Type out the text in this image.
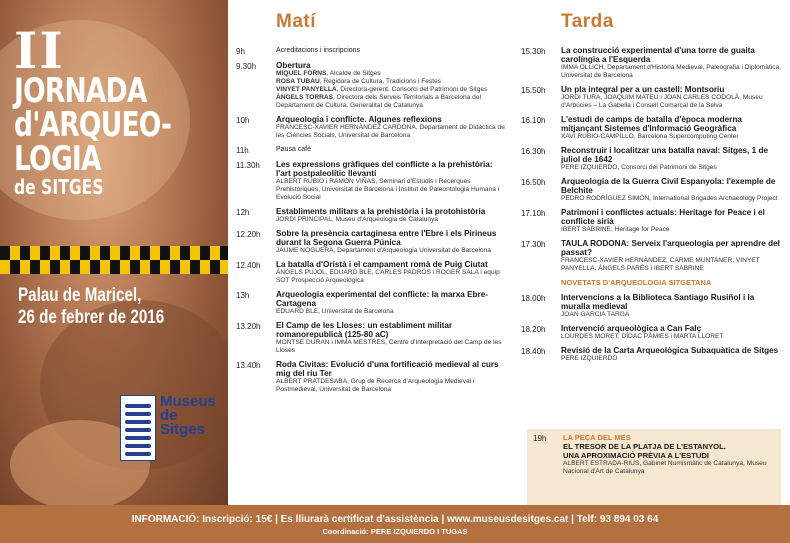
II
JORNADA
d'ARQUEO-
LOGIA
de SITGES
Palau de Maricel,
26 de febrer de 2016
Museus
de Sitges
Matí
9h	Acreditacions i inscripcions
9.30h	Obertura
MIQUEL FORNS, Alcalde de Sitges
ROSA TUBAU, Regidora de Cultura, Tradicions i Festes
VINYET PANYELLA, Directora-gerent. Consorci del Patrimoni de Sitges
ÀNGELS TORRAS, Directora dels Serveis Territorials a Barcelona del Departament de Cultura. Generalitat de Catalunya
10h	Arqueologia i conflicte. Algunes reflexions
FRANCESC-XAVIER HERNÀNDEZ CARDONA, Departament de Didàctica de les Ciències Socials, Universitat de Barcelona
11h	Pausa cafè
11.30h	Les expressions gràfiques del conflicte a la prehistòria: l'art postpaleolític llevantí
ALBERT RUBIO i RAMON VIÑAS, Seminari d'Estudis i Recerques Prehistòriques, Universitat de Barcelona i Institut de Paleontologia Humana i Evolució Social
12h	Establiments militars a la prehistòria i la protohistòria
JORDI PRINCIPAL, Museu d'Arqueologia de Catalunya
12.20h	Sobre la presència cartaginesa entre l'Ebre i els Pirineus durant la Segona Guerra Púnica
JAUME NOGUERA, Departament d'Arqueologia Universitat de Barcelona
12.40h	La batalla d'Orístà i el campament romà de Puig Ciutat
ÀNGELS PUJOL, EDUARD BLE, CARLES PADRÓS i ROGER SALA i equip SOT Prospecció Arqueològica
13h	Arqueologia experimental del conflicte: la marxa Ebre-Cartagena
EDUARD BLE, Universitat de Barcelona
13.20h	El Camp de les Lloses: un establiment militar romanorepublicà (125-80 aC)
MONTSE DURAN i IMMA MESTRES, Centre d'Interpretació del Camp de les Lloses
13.40h	Roda Civitas: Evolució d'una fortificació medieval al curs mig del riu Ter
ALBERT PRATDESABA, Grup de Recerca d'Arqueologia Medieval i Postmedieval, Universitat de Barcelona
Tarda
15.30h	La construcció experimental d'una torre de guaita carolíngia a l'Esquerda
IMMA OLLICH, Departament d'Història Medieval, Paleografia i Diplomàtica, Universitat de Barcelona
15.50h	Un pla integral per a un castell: Montsoriu
JORDI TURA, JOAQUIM MATEU i JOAN CARLES CODOLÀ, Museu d'Arbúcies – La Gabella i Consell Comarcal de la Selva
16.10h	L'estudi de camps de batalla d'època moderna mitjançant Sistemes d'Informació Geogràfica
XAVI RUBIO-CAMPILLO, Barcelona Supercomputing Center
16.30h	Reconstruir i localitzar una batalla naval: Sitges, 1 de juliol de 1642
PERE IZQUIERDO, Consorci del Patrimoni de Sitges
16.50h	Arqueologia de la Guerra Civil Espanyola: l'exemple de Belchite
PEDRO RODRÍGUEZ SIMÓN, International Brigades Archaeology Project
17.10h	Patrimoni i conflictes actuals: Heritage for Peace i el conflicte sirià
IBERT SABRINE, Heritage for Peace
17.30h	TAULA RODONA: Serveix l'arqueologia per aprendre del passat?
FRANCESC-XAVIER HERNÀNDEZ, CARME MUNTANER, VINYET PANYELLA, ÀNGELS PARÉS i IBERT SABRINE
NOVETATS D'ARQUEOLOGIA SITGETANA
18.00h	Intervencions a la Biblioteca Santiago Rusiñol i la muralla medieval
JOAN GARCIA TARGA
18.20h	Intervenció arqueològica a Can Falç
LOURDES MORET, DÍDAC PÀMIES i MARTA LLORET
18.40h	Revisió de la Carta Arqueològica Subaquàtica de Sitges
PERE IZQUIERDO
19h	LA PEÇA DEL MES
EL TRESOR DE LA PLATJA DE L'ESTANYOL.
UNA APROXIMACIÓ PRÈVIA A L'ESTUDI
ALBERT ESTRADA-RIUS, Gabinet Numismàtic de Catalunya, Museu Nacional d'Art de Catalunya
INFORMACIÓ: Inscripció: 15€ | Es lliurarà certificat d'assistència | www.museusdesitges.cat | Telf: 93 894 03 64
Coordinació: PERE IZQUIERDO I TUGAS
